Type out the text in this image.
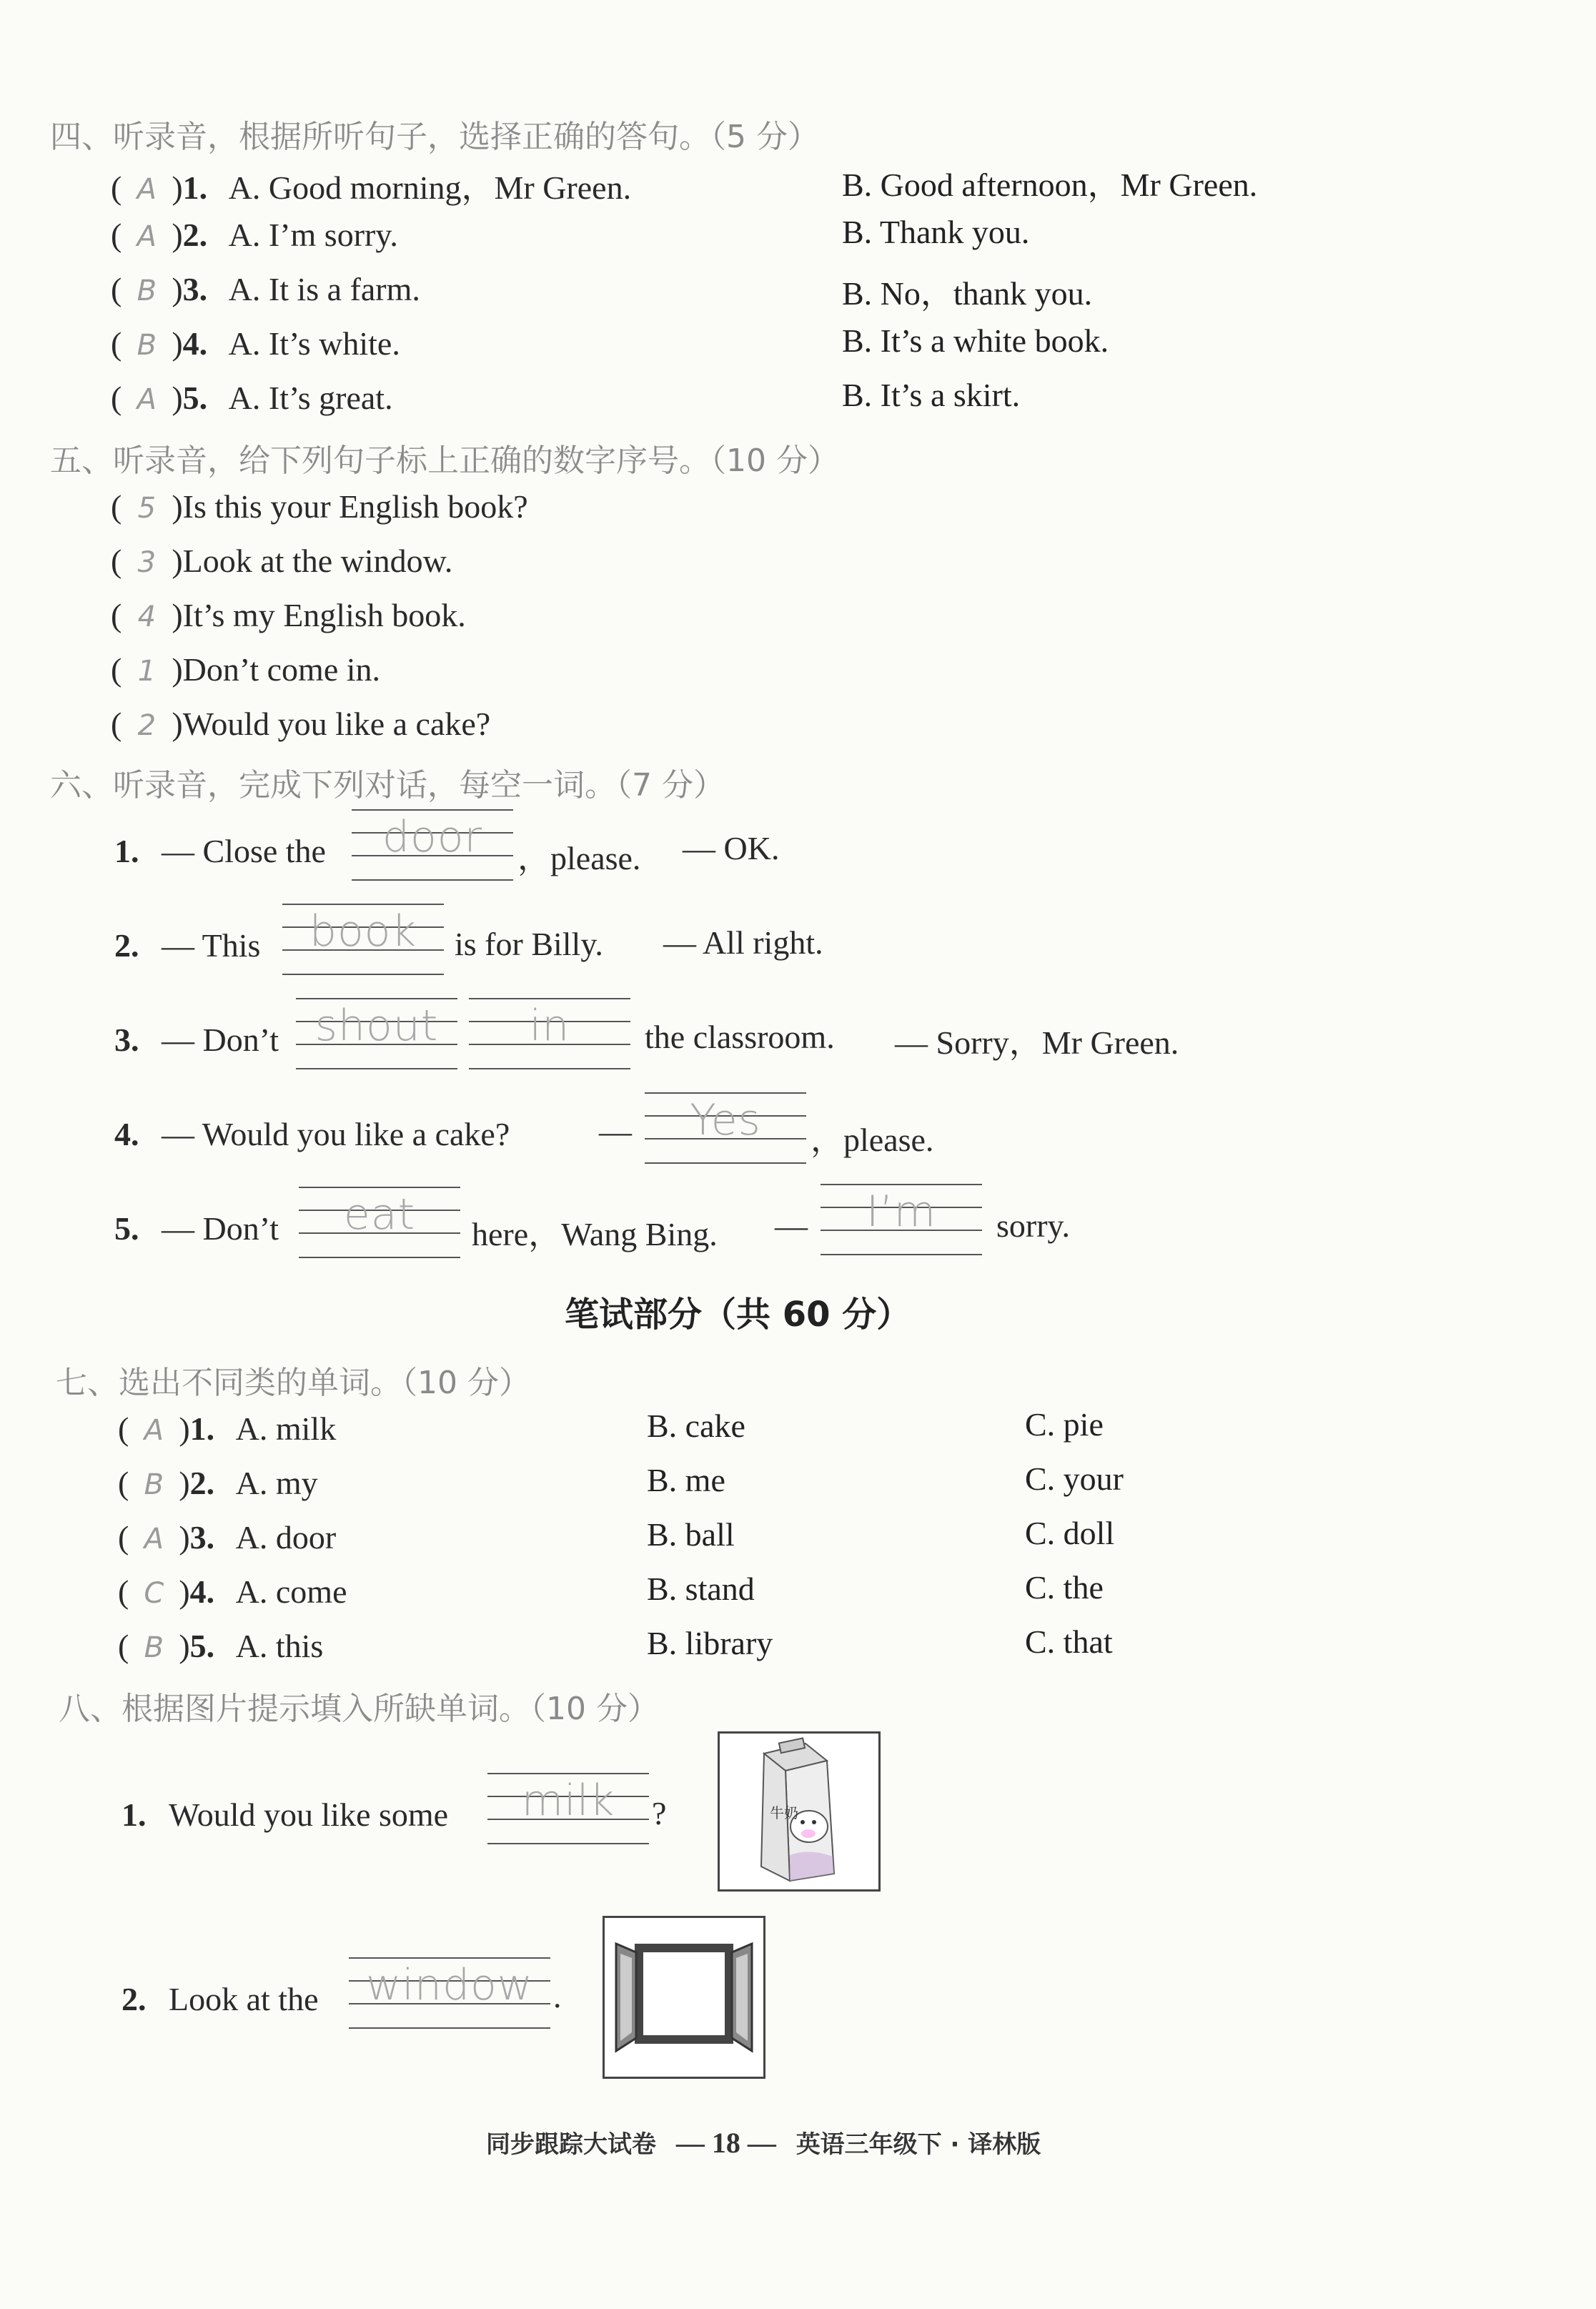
四、听录音，根据所听句子，选择正确的答句。（5 分）
( A )1. A. Good morning，Mr Green.	B. Good afternoon，Mr Green.
( A )2. A. I’m sorry.	B. Thank you.
( B )3. A. It is a farm.	B. No，thank you.
( B )4. A. It’s white.	B. It’s a white book.
( A )5. A. It’s great.	B. It’s a skirt.
五、听录音，给下列句子标上正确的数字序号。（10 分）
( 5 )Is this your English book?
( 3 )Look at the window.
( 4 )It’s my English book.
( 1 )Don’t come in.
( 2 )Would you like a cake?
六、听录音，完成下列对话，每空一词。（7 分）
1. — Close the	door	，please. — OK.
2. — This	book	is for Billy. — All right.
3. — Don’t shout	in	the classroom. — Sorry，Mr Green.
4. — Would you like a cake?	—	Yes	，please.
5. — Don’t	eat	here，Wang Bing. —	I’m	sorry.
笔试部分（共 60 分）
七、选出不同类的单词。（10 分）
( A )1. A. milk	B. cake	C. pie
( B )2. A. my	B. me	C. your
( A )3. A. door	B. ball	C. doll
( C )4. A. come	B. stand	C. the
( B )5. A. this	B. library	C. that
八、根据图片提示填入所缺单词。（10 分）
1. Would you like some	milk	?	牛奶
2. Look at the	window .
同步跟踪大试卷 — 18 — 英语三年级下 · 译林版
